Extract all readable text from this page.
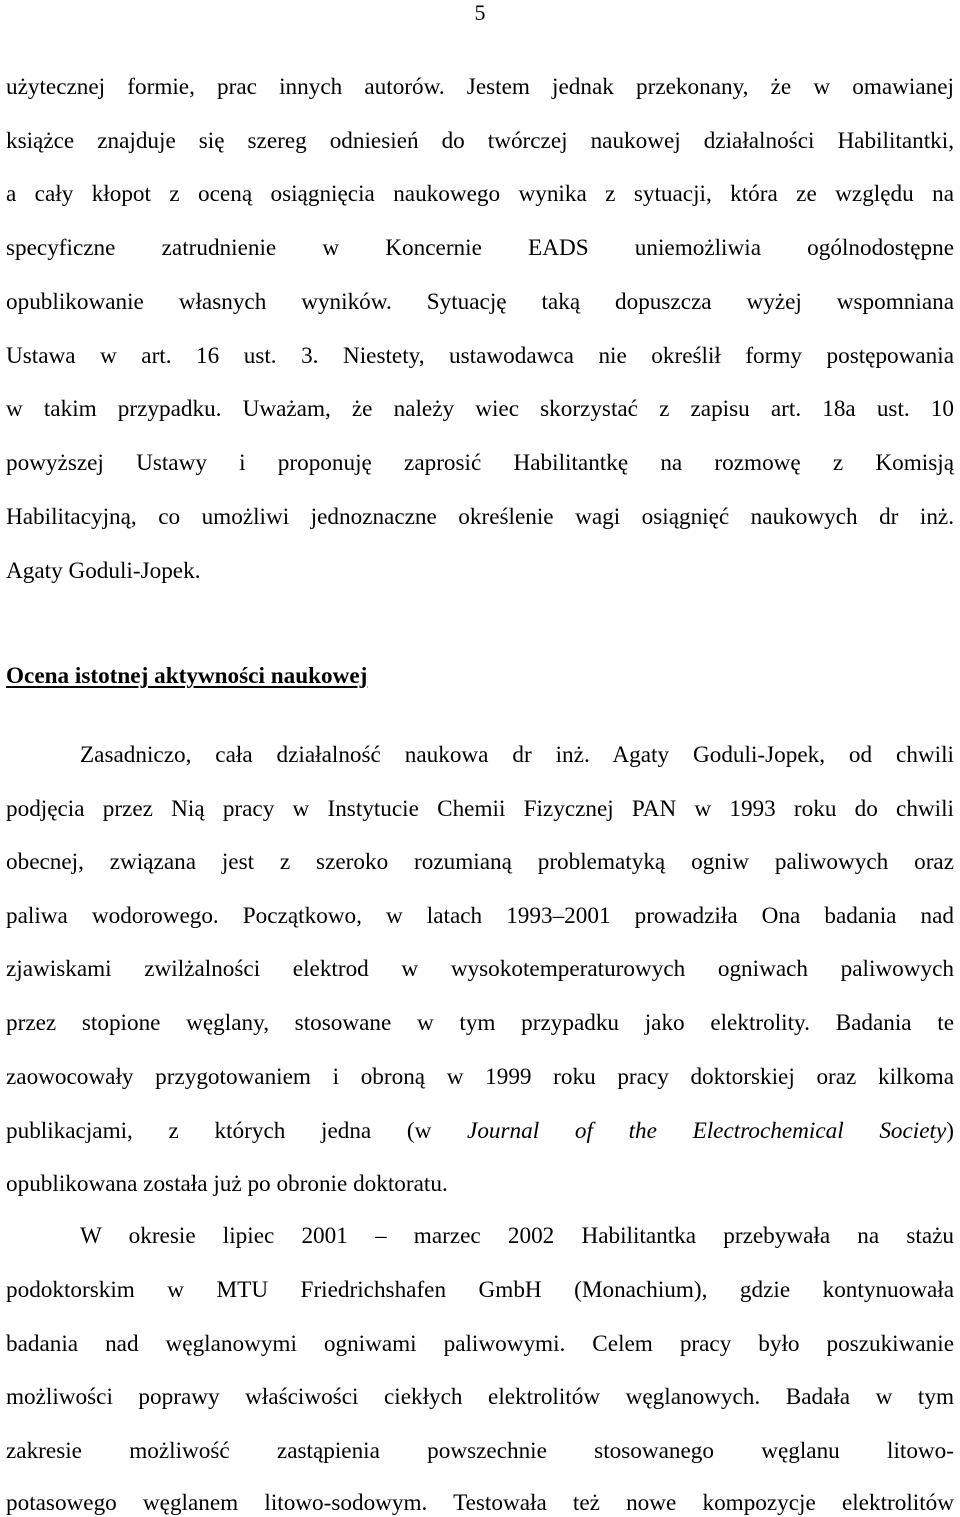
5
użytecznej formie, prac innych autorów. Jestem jednak przekonany, że w omawianej
książce znajduje się szereg odniesień do twórczej naukowej działalności Habilitantki,
a cały kłopot z oceną osiągnięcia naukowego wynika z sytuacji, która ze względu na
specyficzne zatrudnienie w Koncernie EADS uniemożliwia ogólnodostępne
opublikowanie własnych wyników. Sytuację taką dopuszcza wyżej wspomniana
Ustawa w art. 16 ust. 3. Niestety, ustawodawca nie określił formy postępowania
w takim przypadku. Uważam, że należy wiec skorzystać z zapisu art. 18a ust. 10
powyższej Ustawy i proponuję zaprosić Habilitantkę na rozmowę z Komisją
Habilitacyjną, co umożliwi jednoznaczne określenie wagi osiągnięć naukowych dr inż.
Agaty Goduli-Jopek.
Ocena istotnej aktywności naukowej
Zasadniczo, cała działalność naukowa dr inż. Agaty Goduli-Jopek, od chwili
podjęcia przez Nią pracy w Instytucie Chemii Fizycznej PAN w 1993 roku do chwili
obecnej, związana jest z szeroko rozumianą problematyką ogniw paliwowych oraz
paliwa wodorowego. Początkowo, w latach 1993–2001 prowadziła Ona badania nad
zjawiskami zwilżalności elektrod w wysokotemperaturowych ogniwach paliwowych
przez stopione węglany, stosowane w tym przypadku jako elektrolity. Badania te
zaowocowały przygotowaniem i obroną w 1999 roku pracy doktorskiej oraz kilkoma
publikacjami, z których jedna (w Journal of the Electrochemical Society)
opublikowana została już po obronie doktoratu.
W okresie lipiec 2001 – marzec 2002 Habilitantka przebywała na stażu
podoktorskim w MTU Friedrichshafen GmbH (Monachium), gdzie kontynuowała
badania nad węglanowymi ogniwami paliwowymi. Celem pracy było poszukiwanie
możliwości poprawy właściwości ciekłych elektrolitów węglanowych. Badała w tym
zakresie możliwość zastąpienia powszechnie stosowanego węglanu litowo-
potasowego węglanem litowo-sodowym. Testowała też nowe kompozycje elektrolitów
